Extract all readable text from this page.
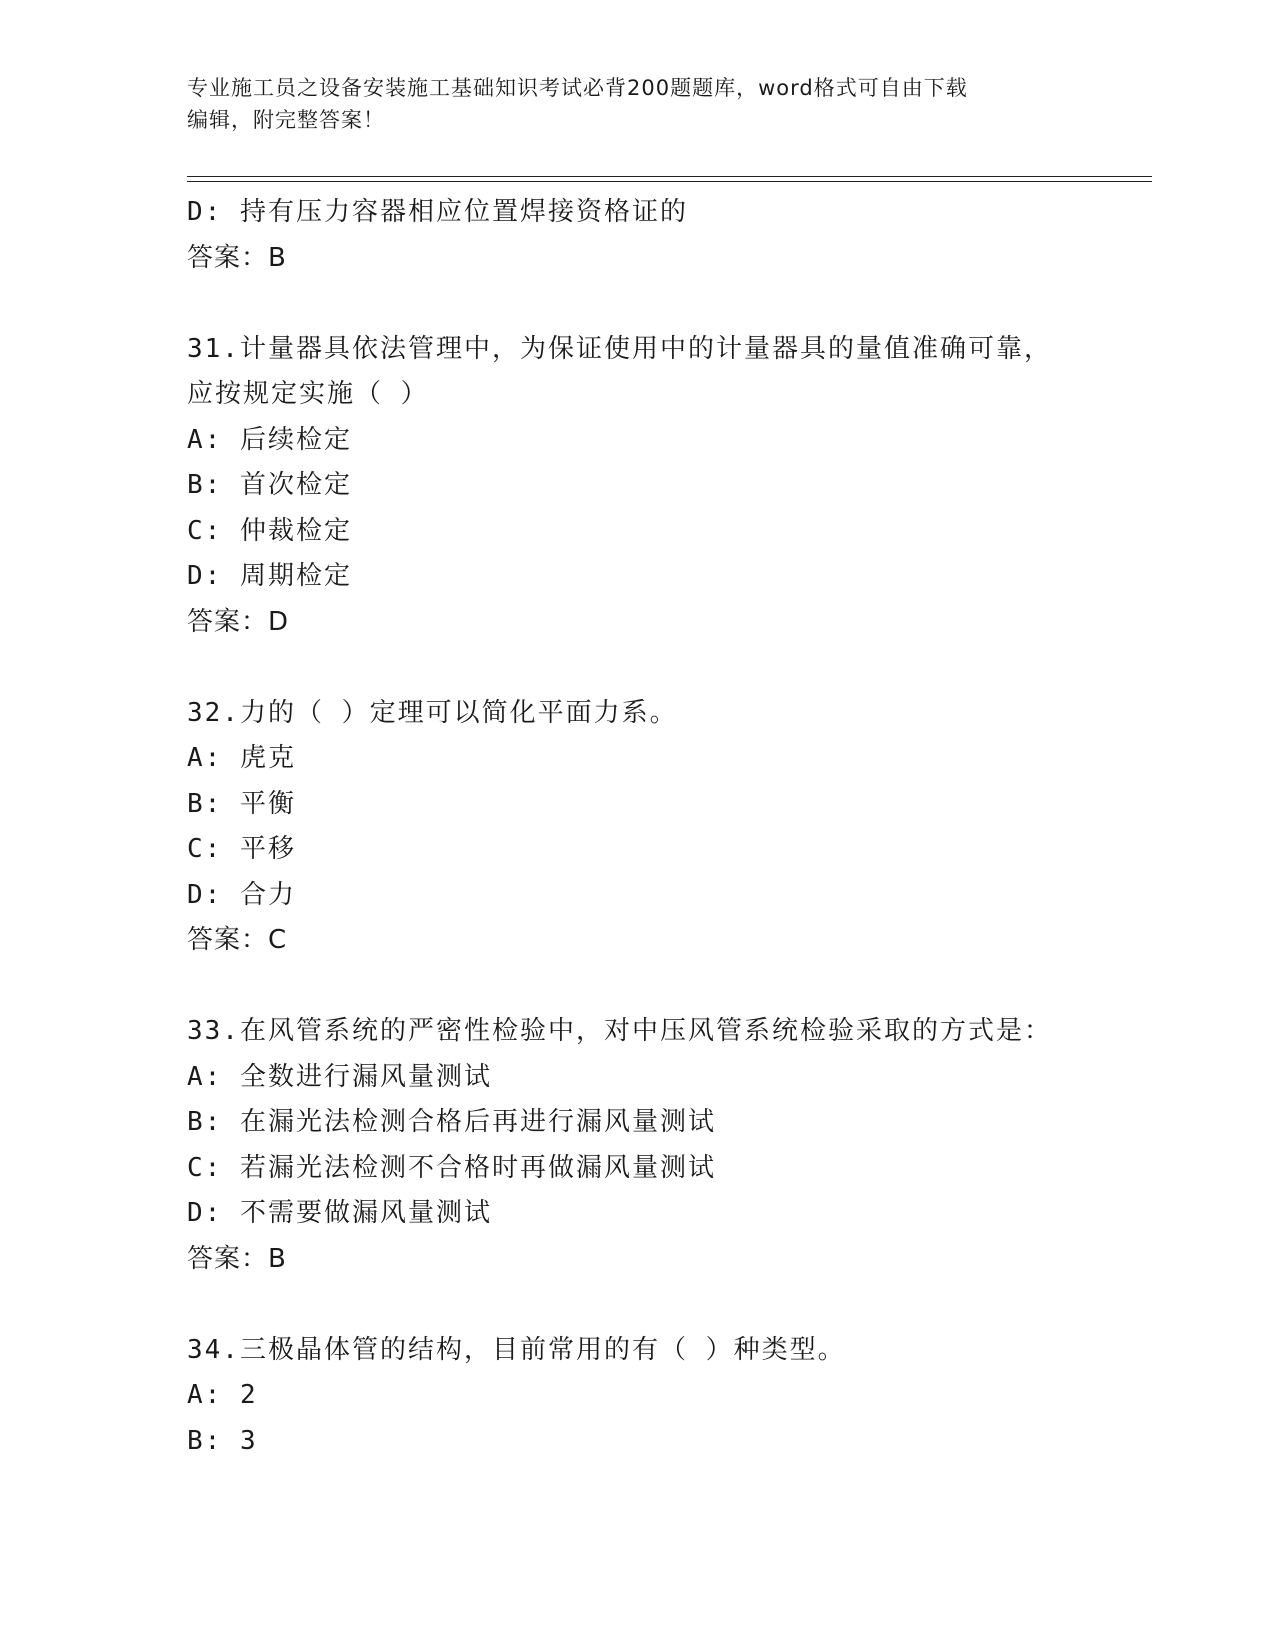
专业施工员之设备安装施工基础知识考试必背200题题库，word格式可自由下载
编辑，附完整答案！
D: 持有压力容器相应位置焊接资格证的
答案：B
31.计量器具依法管理中，为保证使用中的计量器具的量值准确可靠，
应按规定实施（ ）
A: 后续检定
B: 首次检定
C: 仲裁检定
D: 周期检定
答案：D
32.力的（ ）定理可以简化平面力系。
A: 虎克
B: 平衡
C: 平移
D: 合力
答案：C
33.在风管系统的严密性检验中，对中压风管系统检验采取的方式是：
A: 全数进行漏风量测试
B: 在漏光法检测合格后再进行漏风量测试
C: 若漏光法检测不合格时再做漏风量测试
D: 不需要做漏风量测试
答案：B
34.三极晶体管的结构，目前常用的有（ ）种类型。
A: 2
B: 3
